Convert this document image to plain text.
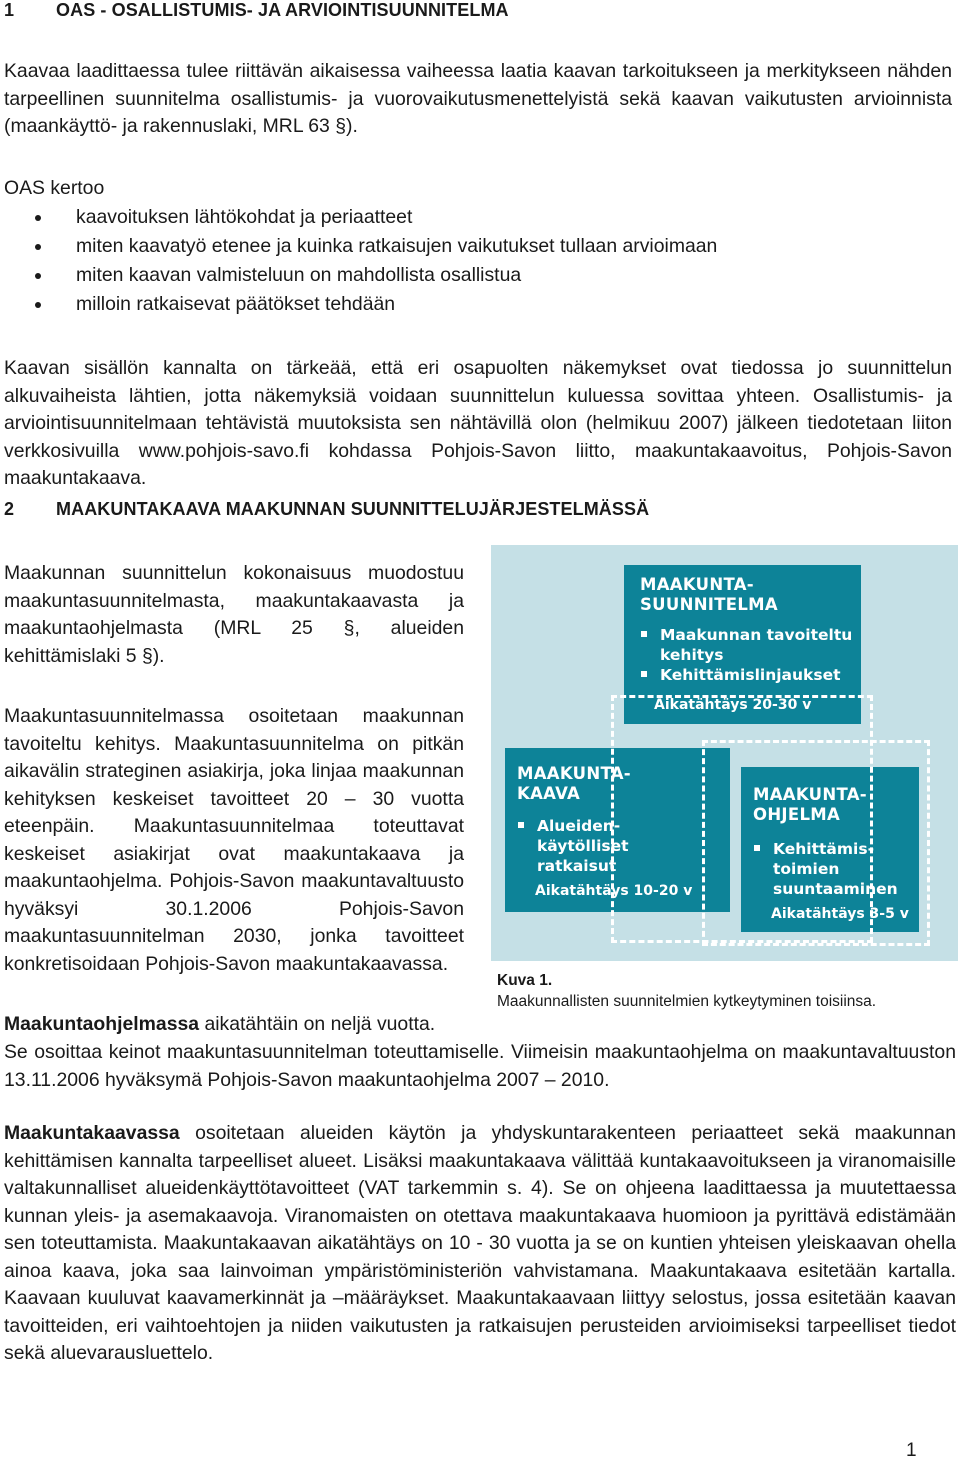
1 OAS - OSALLISTUMIS- JA ARVIOINTISUUNNITELMA

Kaavaa laadittaessa tulee riittävän aikaisessa vaiheessa laatia kaavan tarkoitukseen ja merkitykseen nähden tarpeellinen suunnitelma osallistumis- ja vuorovaikutusmenettelyistä sekä kaavan vaikutusten arvioinnista (maankäyttö- ja rakennuslaki, MRL 63 §).

OAS kertoo

kaavoituksen lähtökohdat ja periaatteet
miten kaavatyö etenee ja kuinka ratkaisujen vaikutukset tullaan arvioimaan
miten kaavan valmisteluun on mahdollista osallistua
milloin ratkaisevat päätökset tehdään

Kaavan sisällön kannalta on tärkeää, että eri osapuolten näkemykset ovat tiedossa jo suunnittelun alkuvaiheista lähtien, jotta näkemyksiä voidaan suunnittelun kuluessa sovittaa yhteen. Osallistumis- ja arviointisuunnitelmaan tehtävistä muutoksista sen nähtävillä olon (helmikuu 2007) jälkeen tiedotetaan liiton verkkosivuilla www.pohjois-savo.fi kohdassa Pohjois-Savon liitto, maakuntakaavoitus, Pohjois-Savon maakuntakaava.

2 MAAKUNTAKAAVA MAAKUNNAN SUUNNITTELUJÄRJESTELMÄSSÄ

Maakunnan suunnittelun kokonaisuus muodostuu maakuntasuunnitelmasta, maakuntakaavasta ja maakuntaohjelmasta (MRL 25 §, alueiden kehittämislaki 5 §).

Maakuntasuunnitelmassa osoitetaan maakunnan tavoiteltu kehitys. Maakuntasuunnitelma on pitkän aikavälin strateginen asiakirja, joka linjaa maakunnan kehityksen keskeiset tavoitteet 20 – 30 vuotta eteenpäin. Maakuntasuunnitelmaa toteuttavat keskeiset asiakirjat ovat maakuntakaava ja maakuntaohjelma. Pohjois-Savon maakuntavaltuusto hyväksyi 30.1.2006 Pohjois-Savon maakuntasuunnitelman 2030, jonka tavoitteet konkretisoidaan Pohjois-Savon maakuntakaavassa.

MAAKUNTA-
SUUNNITELMA
Maakunnan tavoiteltu kehitys
Kehittämislinjaukset
Aikatähtäys 20-30 v
MAAKUNTA-
KAAVA
Alueiden-käytölliset ratkaisut
Aikatähtäys 10-20 v
MAAKUNTA-
OHJELMA
Kehittämis-toimien suuntaaminen
Aikatähtäys 3-5 v
Kuva 1.
Maakunnallisten suunnitelmien kytkeytyminen toisiinsa.

Maakuntaohjelmassa aikatähtäin on neljä vuotta.

Se osoittaa keinot maakuntasuunnitelman toteuttamiselle. Viimeisin maakuntaohjelma on maakuntavaltuuston 13.11.2006 hyväksymä Pohjois-Savon maakuntaohjelma 2007 – 2010.

Maakuntakaavassa osoitetaan alueiden käytön ja yhdyskuntarakenteen periaatteet sekä maakunnan kehittämisen kannalta tarpeelliset alueet. Lisäksi maakuntakaava välittää kuntakaavoitukseen ja viranomaisille valtakunnalliset alueidenkäyttötavoitteet (VAT tarkemmin s. 4). Se on ohjeena laadittaessa ja muutettaessa kunnan yleis- ja asemakaavoja. Viranomaisten on otettava maakuntakaava huomioon ja pyrittävä edistämään sen toteuttamista. Maakuntakaavan aikatähtäys on 10 - 30 vuotta ja se on kuntien yhteisen yleiskaavan ohella ainoa kaava, joka saa lainvoiman ympäristöministeriön vahvistamana. Maakuntakaava esitetään kartalla. Kaavaan kuuluvat kaavamerkinnät ja –määräykset. Maakuntakaavaan liittyy selostus, jossa esitetään kaavan tavoitteiden, eri vaihtoehtojen ja niiden vaikutusten ja ratkaisujen perusteiden arvioimiseksi tarpeelliset tiedot sekä aluevarausluettelo.

1
